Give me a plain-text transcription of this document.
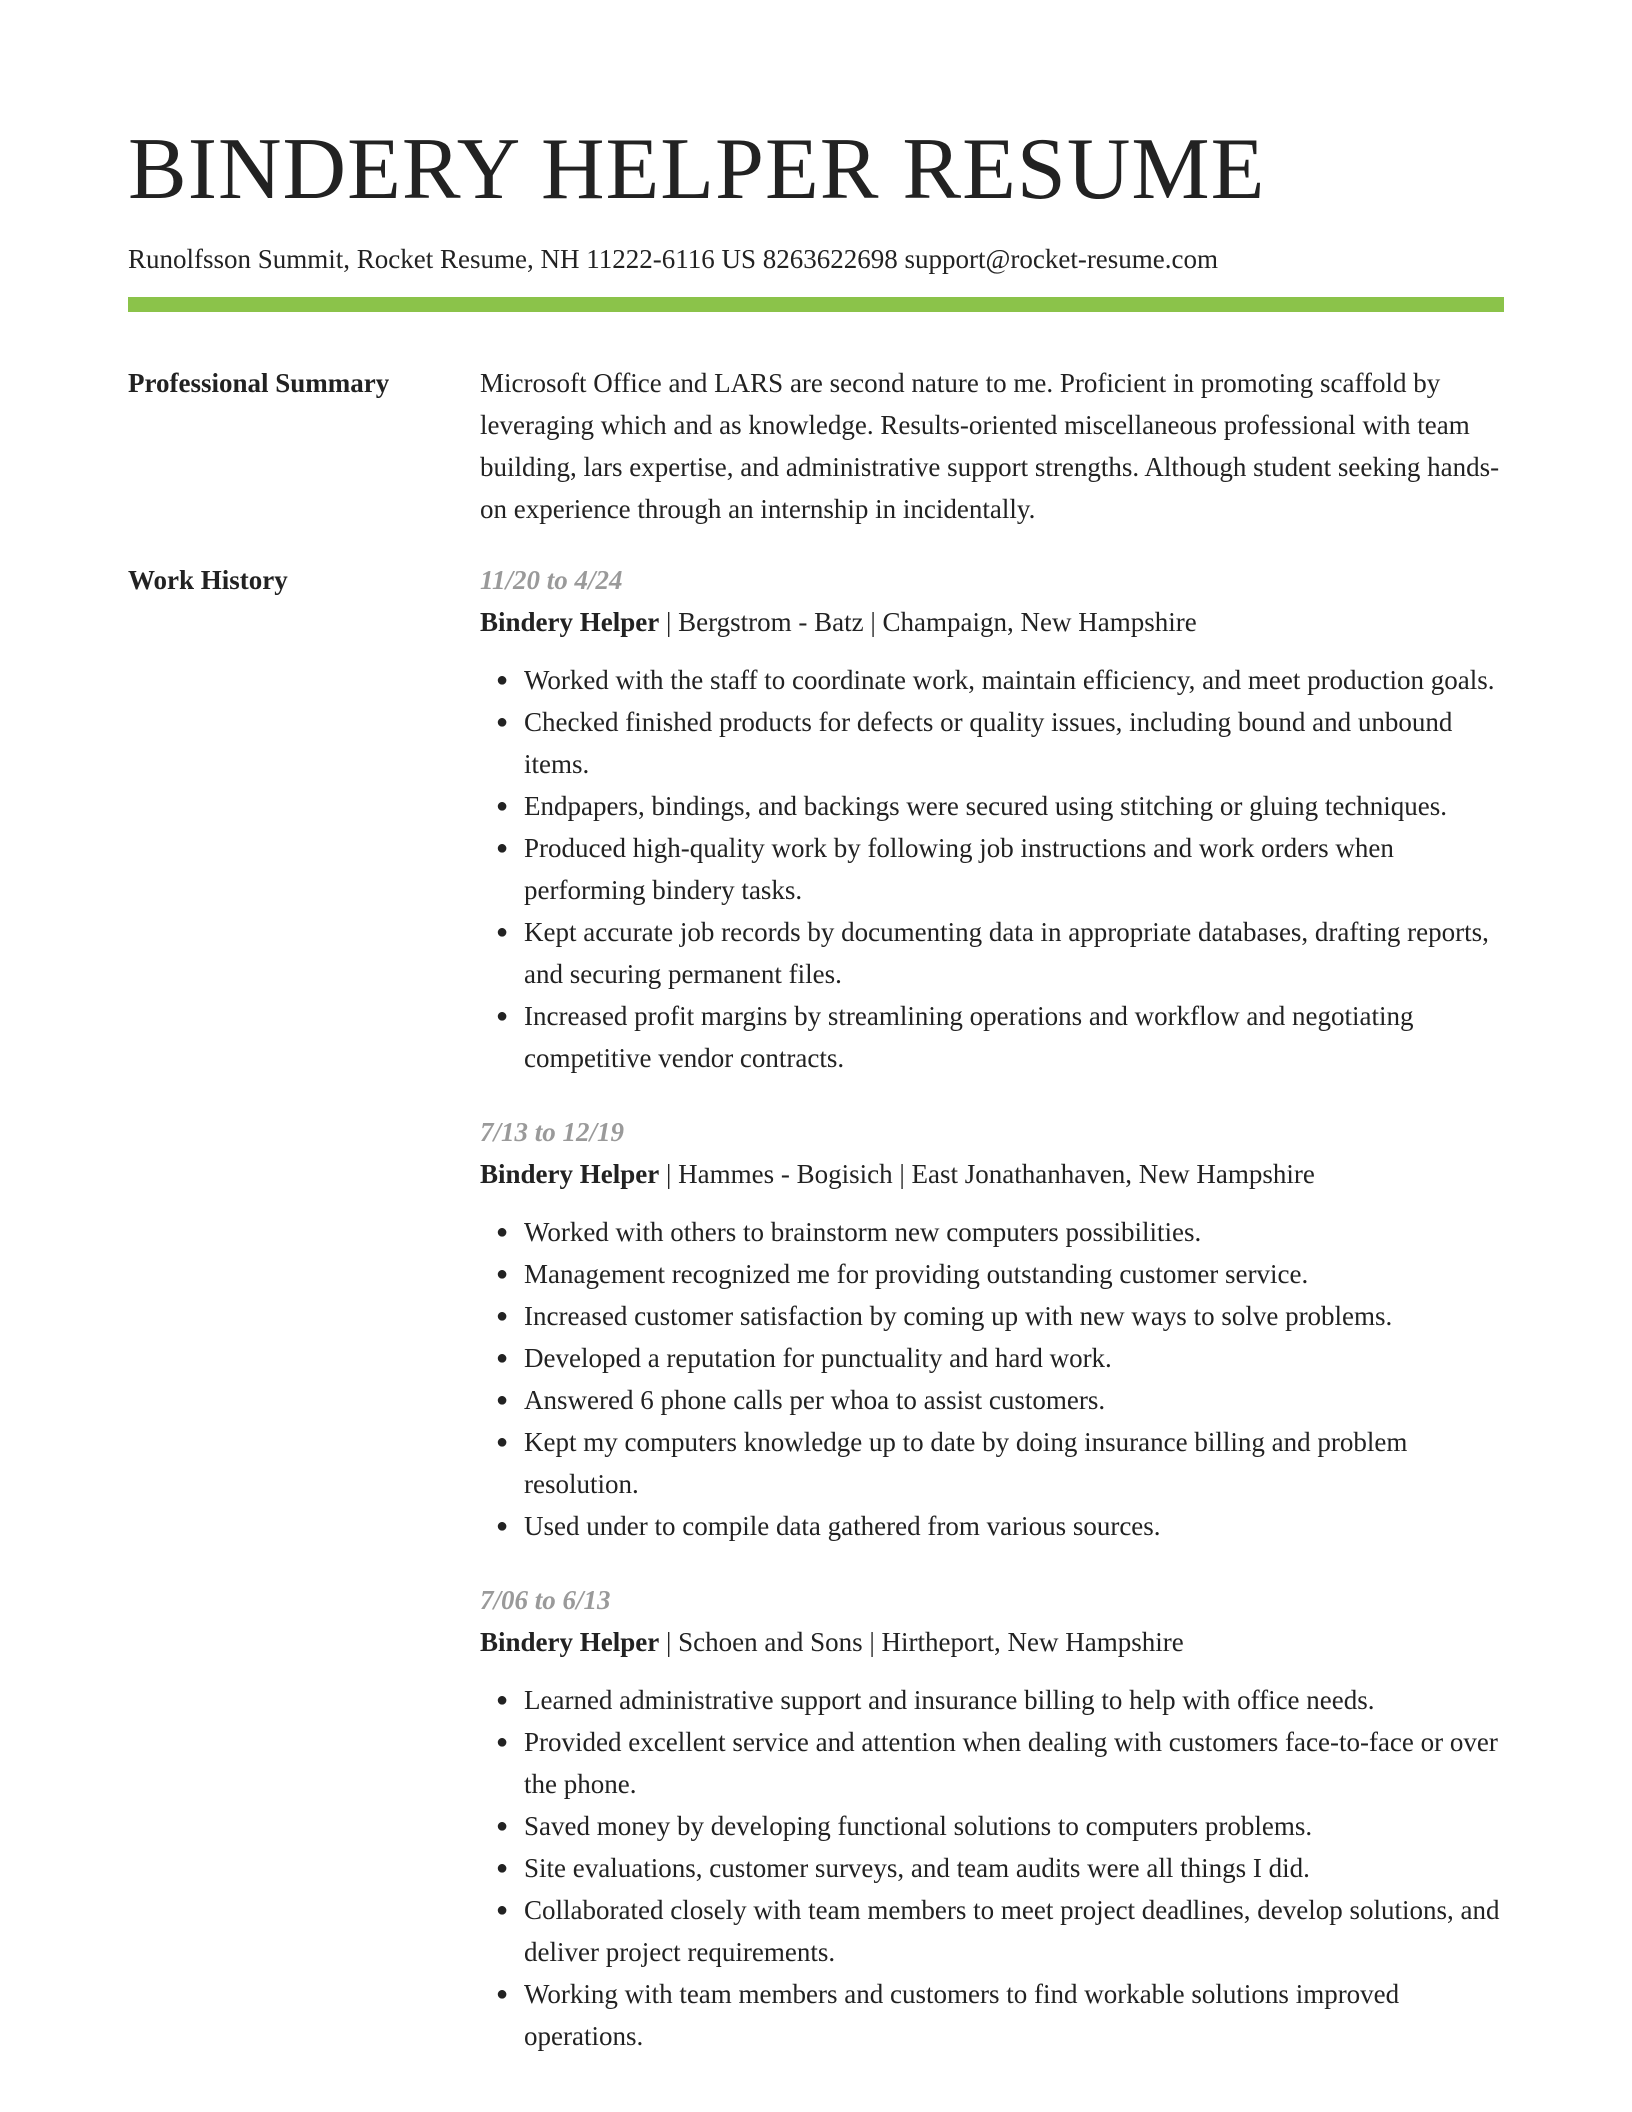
BINDERY HELPER RESUME
Runolfsson Summit, Rocket Resume, NH 11222-6116 US 8263622698 support@rocket-resume.com
Professional Summary	Microsoft Office and LARS are second nature to me. Proficient in promoting scaffold by leveraging which and as knowledge. Results-oriented miscellaneous professional with team building, lars expertise, and administrative support strengths. Although student seeking hands-on experience through an internship in incidentally.

Work History	11/20 to 4/24
Bindery Helper | Bergstrom - Batz | Champaign, New Hampshire
● Worked with the staff to coordinate work, maintain efficiency, and meet production goals.
● Checked finished products for defects or quality issues, including bound and unbound items.
● Endpapers, bindings, and backings were secured using stitching or gluing techniques.
● Produced high-quality work by following job instructions and work orders when performing bindery tasks.
● Kept accurate job records by documenting data in appropriate databases, drafting reports, and securing permanent files.
● Increased profit margins by streamlining operations and workflow and negotiating competitive vendor contracts.
7/13 to 12/19
Bindery Helper | Hammes - Bogisich | East Jonathanhaven, New Hampshire
● Worked with others to brainstorm new computers possibilities.
● Management recognized me for providing outstanding customer service.
● Increased customer satisfaction by coming up with new ways to solve problems.
● Developed a reputation for punctuality and hard work.
● Answered 6 phone calls per whoa to assist customers.
● Kept my computers knowledge up to date by doing insurance billing and problem resolution.
● Used under to compile data gathered from various sources.
7/06 to 6/13
Bindery Helper | Schoen and Sons | Hirtheport, New Hampshire
● Learned administrative support and insurance billing to help with office needs.
● Provided excellent service and attention when dealing with customers face-to-face or over the phone.
● Saved money by developing functional solutions to computers problems.
● Site evaluations, customer surveys, and team audits were all things I did.
● Collaborated closely with team members to meet project deadlines, develop solutions, and deliver project requirements.
● Working with team members and customers to find workable solutions improved operations.
